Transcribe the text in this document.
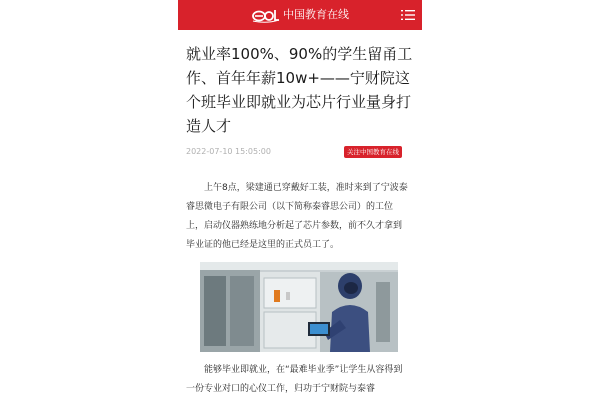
中国教育在线
就业率100%、90%的学生留甬工作、首年年薪10w+——宁财院这个班毕业即就业为芯片行业量身打造人才
2022-07-10 15:05:00	关注中国教育在线

上午8点，梁建通已穿戴好工装，准时来到了宁波泰睿思微电子有限公司（以下简称泰睿思公司）的工位上，启动仪器熟练地分析起了芯片参数，前不久才拿到毕业证的他已经是这里的正式员工了。

能够毕业即就业，在“最难毕业季”让学生从容得到一份专业对口的心仪工作，归功于宁财院与泰睿
